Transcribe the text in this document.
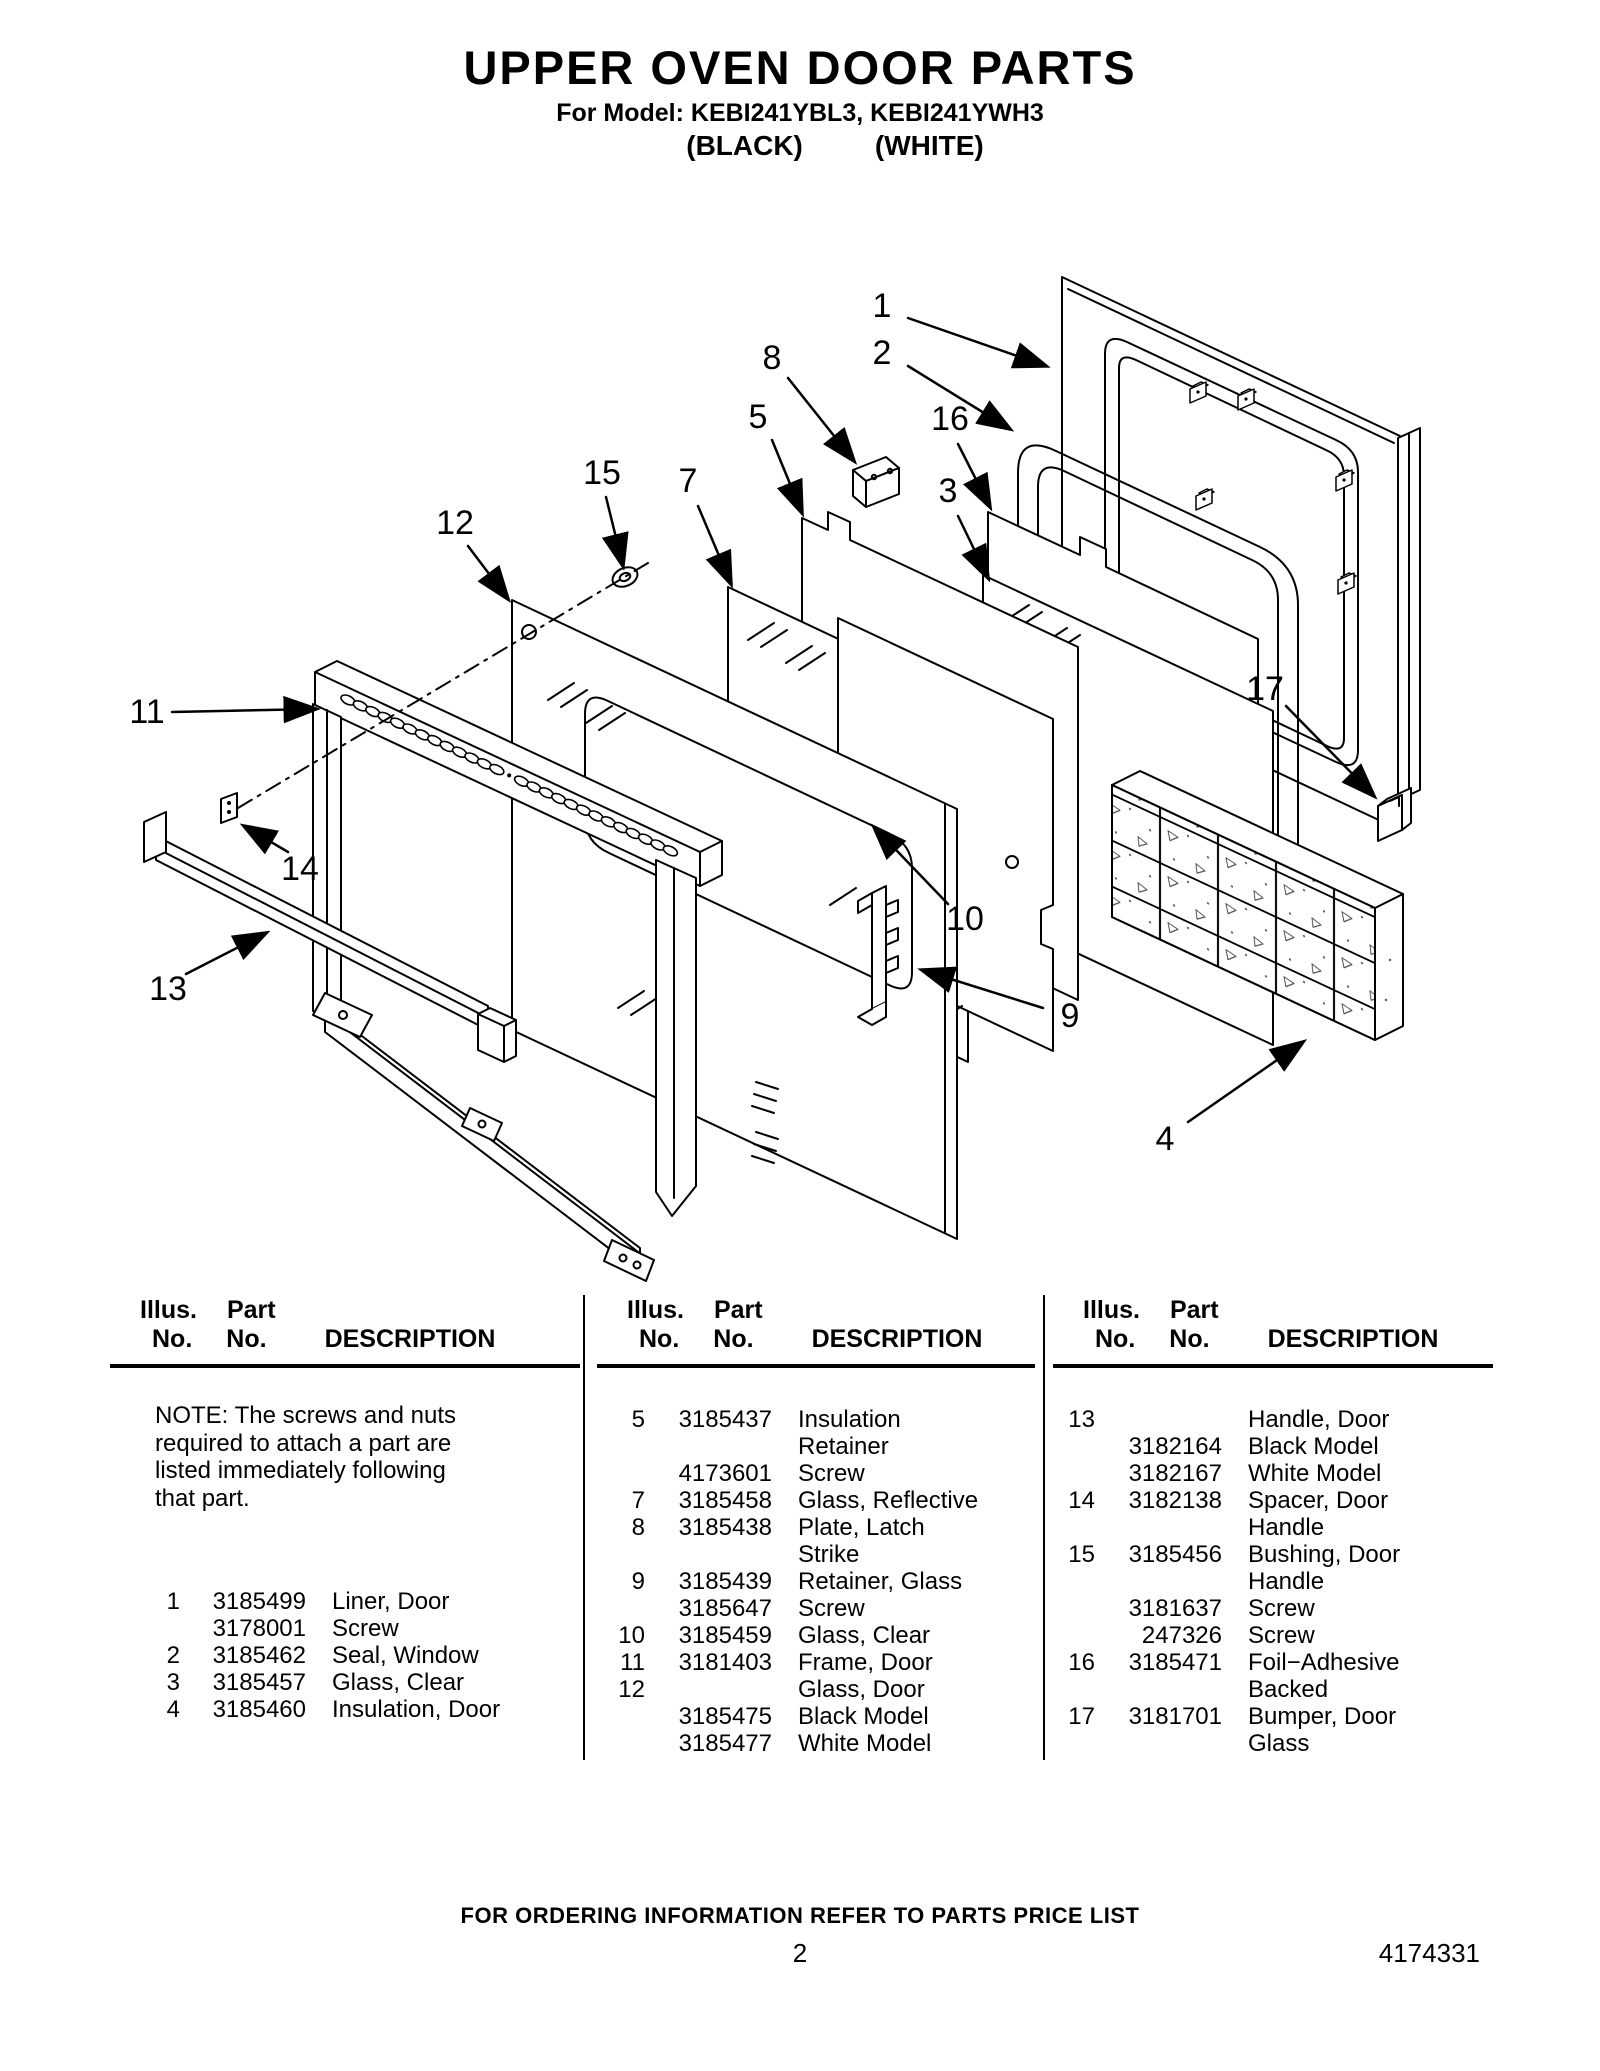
UPPER OVEN DOOR PARTS
For Model: KEBI241YBL3, KEBI241YWH3
(BLACK)	(WHITE)
1
2
8
5	16
3
15 7
12
11
14
13
10
9
4
17
Illus. Part
No. No. DESCRIPTION
NOTE: The screws and nuts
required to attach a part are
listed immediately following
that part.
1	3185499	Liner, Door
3178001	Screw
2	3185462	Seal, Window
3	3185457	Glass, Clear
4	3185460	Insulation, Door
Illus. Part
No. No. DESCRIPTION
5	3185437	Insulation
Retainer
4173601	Screw
7	3185458	Glass, Reflective
8	3185438	Plate, Latch
Strike
9	3185439	Retainer, Glass
3185647	Screw
10	3185459	Glass, Clear
11	3181403	Frame, Door
12	Glass, Door
3185475	Black Model
3185477	White Model
Illus. Part
No. No. DESCRIPTION
13	Handle, Door
3182164	Black Model
3182167	White Model
14	3182138	Spacer, Door
Handle
15	3185456	Bushing, Door
Handle
3181637	Screw
247326	Screw
16	3185471	Foil−Adhesive
Backed
17	3181701	Bumper, Door
Glass
FOR ORDERING INFORMATION REFER TO PARTS PRICE LIST
2	4174331
